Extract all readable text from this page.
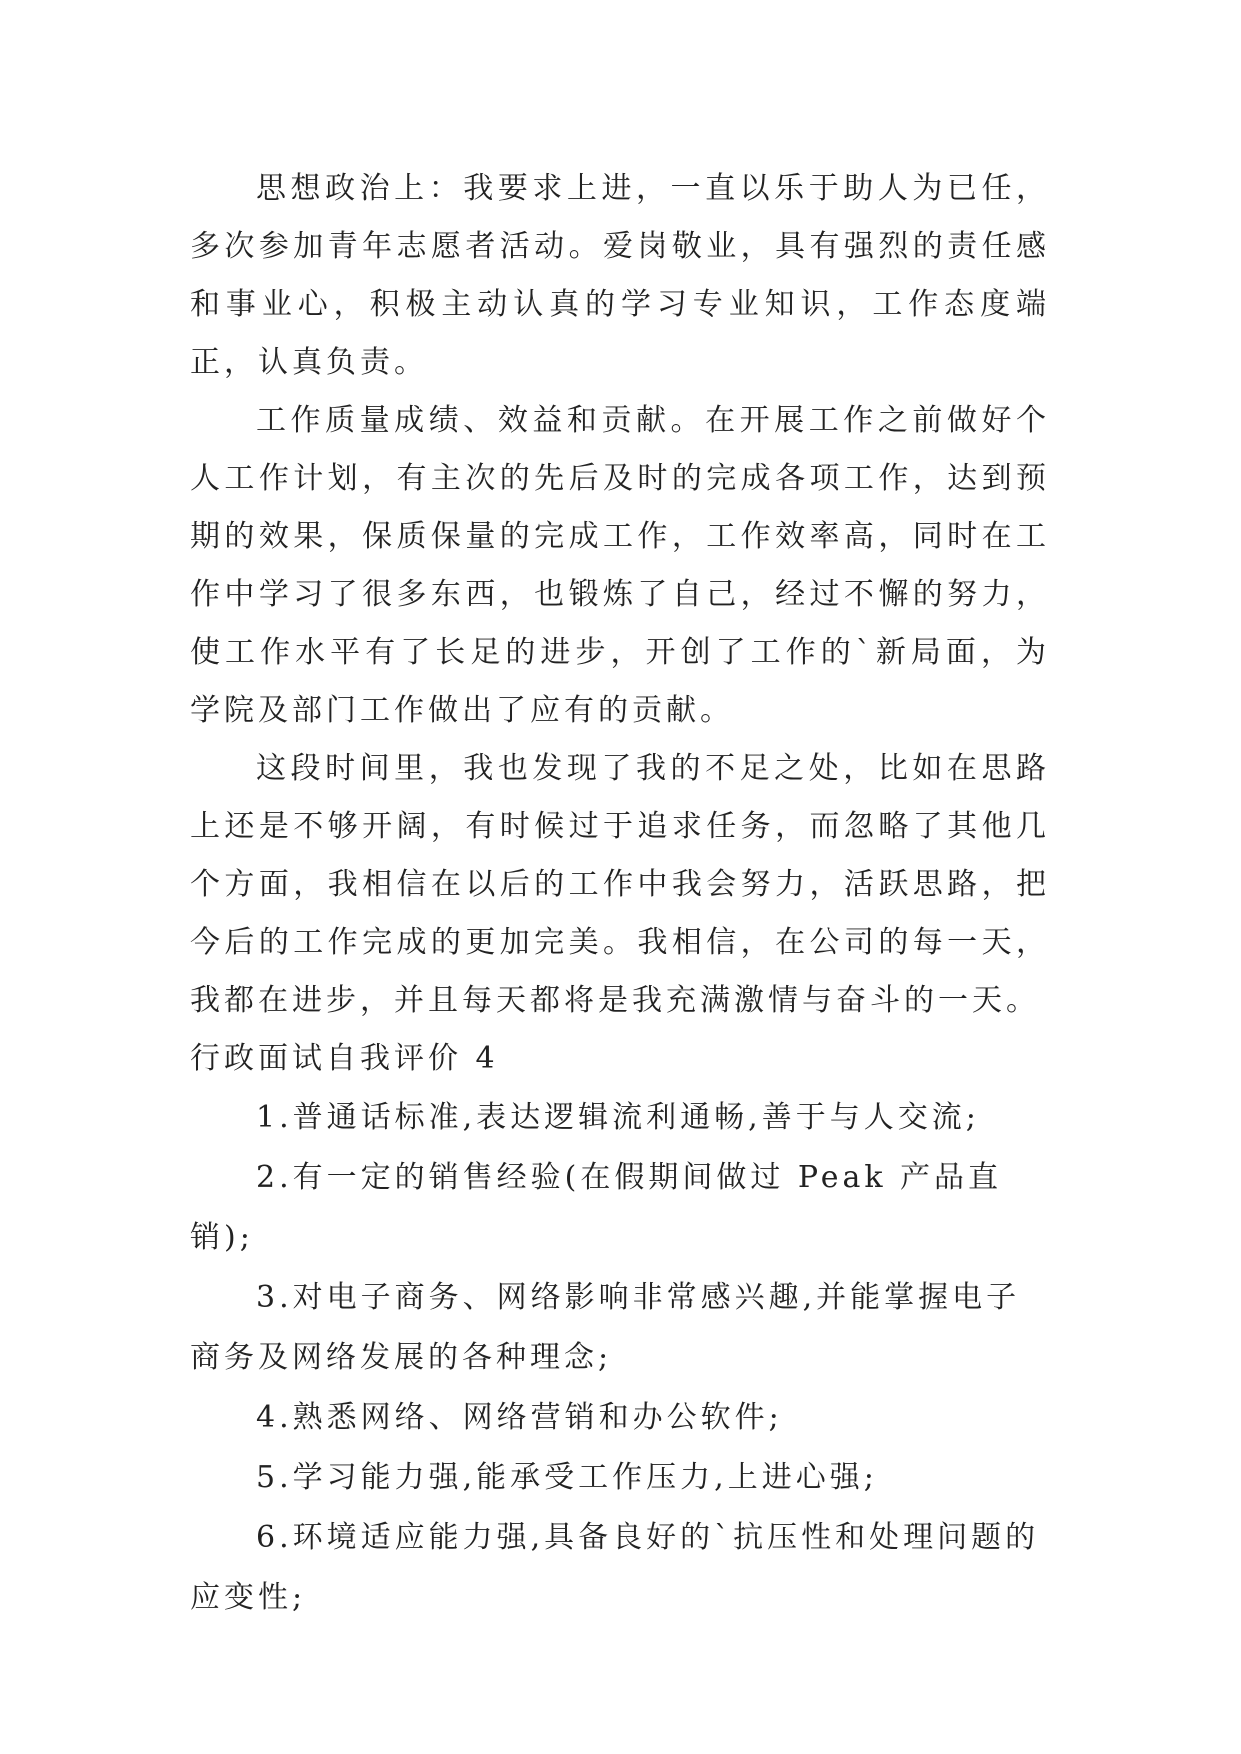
思想政治上：我要求上进，一直以乐于助人为已任，多次参加青年志愿者活动。爱岗敬业，具有强烈的责任感和事业心，积极主动认真的学习专业知识，工作态度端正，认真负责。

工作质量成绩、效益和贡献。在开展工作之前做好个人工作计划，有主次的先后及时的完成各项工作，达到预期的效果，保质保量的完成工作，工作效率高，同时在工作中学习了很多东西，也锻炼了自己，经过不懈的努力，使工作水平有了长足的进步，开创了工作的`新局面，为学院及部门工作做出了应有的贡献。

这段时间里，我也发现了我的不足之处，比如在思路上还是不够开阔，有时候过于追求任务，而忽略了其他几个方面，我相信在以后的工作中我会努力，活跃思路，把今后的工作完成的更加完美。我相信，在公司的每一天，我都在进步，并且每天都将是我充满激情与奋斗的一天。

行政面试自我评价 4

1.普通话标准,表达逻辑流利通畅,善于与人交流;

2.有一定的销售经验(在假期间做过 Peak 产品直销);

3.对电子商务、网络影响非常感兴趣,并能掌握电子商务及网络发展的各种理念;

4.熟悉网络、网络营销和办公软件;

5.学习能力强,能承受工作压力,上进心强;

6.环境适应能力强,具备良好的`抗压性和处理问题的应变性;
